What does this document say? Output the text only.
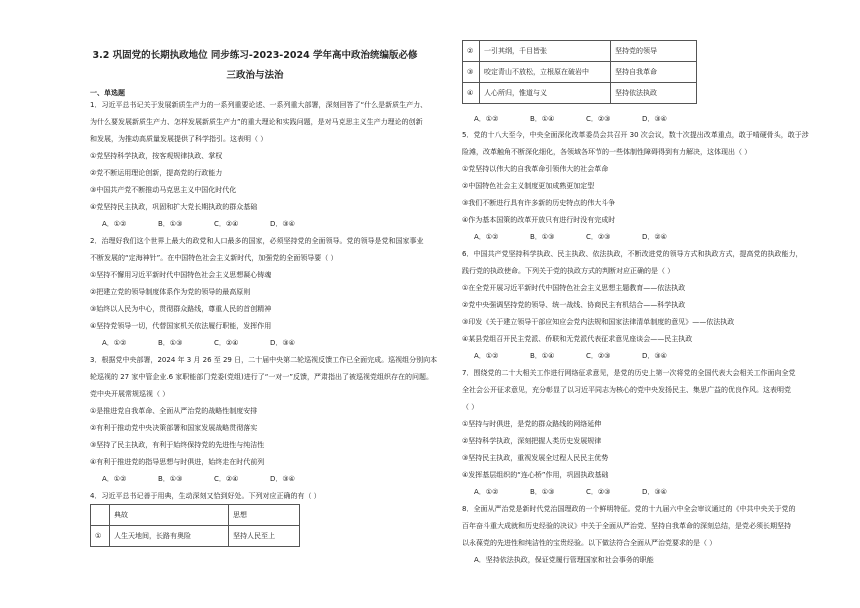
3.2 巩固党的长期执政地位 同步练习-2023-2024 学年高中政治统编版必修
三政治与法治
一、单选题
1．习近平总书记关于发展新质生产力的一系列重要论述、一系列重大部署，深刻回答了“什么是新质生产力、
为什么要发展新质生产力、怎样发展新质生产力”的重大理论和实践问题，是对马克思主义生产力理论的创新
和发展，为推动高质量发展提供了科学指引。这表明（ ）
①党坚持科学执政，按客观规律执政、掌权
②党不断运用理论创新，提高党的行政能力
③中国共产党不断推动马克思主义中国化时代化
④党坚持民主执政，巩固和扩大党长期执政的群众基础
A．①②	B．①③	C．②④	D．③④
2．治理好我们这个世界上最大的政党和人口最多的国家，必须坚持党的全面领导。党的领导是党和国家事业
不断发展的“定海神针”。在中国特色社会主义新时代，加强党的全面领导要（ ）
①坚持不懈用习近平新时代中国特色社会主义思想凝心铸魂
②把建立党的领导制度体系作为党的领导的最高原则
③始终以人民为中心，贯彻群众路线，尊重人民的首创精神
④坚持党领导一切，代替国家机关依法履行职能，发挥作用
A．①②	B．①③	C．②④	D．③④
3．根据党中央部署，2024 年 3 月 26 至 29 日，二十届中央第二轮巡视反馈工作已全面完成。巡视组分别向本
轮巡视的 27 家中管企业.6 家职能部门党委(党组)进行了“一对一”反馈，严肃指出了被巡视党组织存在的问题。
党中央开展常规巡视（ ）
①是推进党自我革命、全面从严治党的战略性制度安排
②有利于推动党中央决策部署和国家发展战略贯彻落实
③坚持了民主执政，有利于始终保持党的先进性与纯洁性
④有利于推进党的指导思想与时俱进，始终走在时代前列
A．①②	B．①③	C．②④	D．③④
4．习近平总书记善于用典，生动深刻又恰到好处。下列对应正确的有（ ）
	典故	思想
①	人生天地间，长路有奥险	坚持人民至上
②	一引其纲，千目皆张	坚持党的领导
③	咬定青山不放松，立根原在破岩中	坚持自我革命
④	人心所归，惟道与义	坚持依法执政
A．①②	B．①④	C．②③	D．③④
5．党的十八大至今，中央全面深化改革委员会共召开 30 次会议，数十次提出改革重点，敢于啃硬骨头，敢于涉
险滩，改革触角不断深化细化，各领域各环节的一些体制性障碍得到有力解决，这体现出（ ）
①党坚持以伟大的自我革命引领伟大的社会革命
②中国特色社会主义制度更加成熟更加定型
③我们不断进行具有许多新的历史特点的伟大斗争
④作为基本国策的改革开放只有进行时没有完成时
A．①②	B．①③	C．②③	D．②④
6．中国共产党坚持科学执政、民主执政、依法执政，不断改进党的领导方式和执政方式，提高党的执政能力，
践行党的执政使命。下列关于党的执政方式的判断对应正确的是（ ）
①在全党开展习近平新时代中国特色社会主义思想主题教育——依法执政
②党中央强调坚持党的领导、统一战线、协商民主有机结合——科学执政
③印发《关于建立领导干部应知应会党内法规和国家法律清单制度的意见》——依法执政
④某县党组召开民主党派、侨联和无党派代表征求意见座谈会——民主执政
A．①②	B．①④	C．②③	D．③④
7．围绕党的二十大相关工作进行网络征求意见，是党的历史上第一次将党的全国代表大会相关工作面向全党
全社会公开征求意见，充分彰显了以习近平同志为核心的党中央发扬民主、集思广益的优良作风。这表明党
（ ）
①坚持与时俱进，是党的群众路线的网络延伸
②坚持科学执政，深刻把握人类历史发展规律
③坚持民主执政，重视发展全过程人民民主优势
④发挥基层组织的“连心桥”作用，巩固执政基础
A．①②	B．①③	C．②③	D．③④
8．全面从严治党是新时代党治国理政的一个鲜明特征。党的十九届六中全会审议通过的《中共中央关于党的
百年奋斗重大成就和历史经验的决议》中关于全面从严治党、坚持自我革命的深刻总结，是党必须长期坚持
以永葆党的先进性和纯洁性的宝贵经验。以下做法符合全面从严治党要求的是（ ）
A．坚持依法执政，保证党履行管理国家和社会事务的职能
